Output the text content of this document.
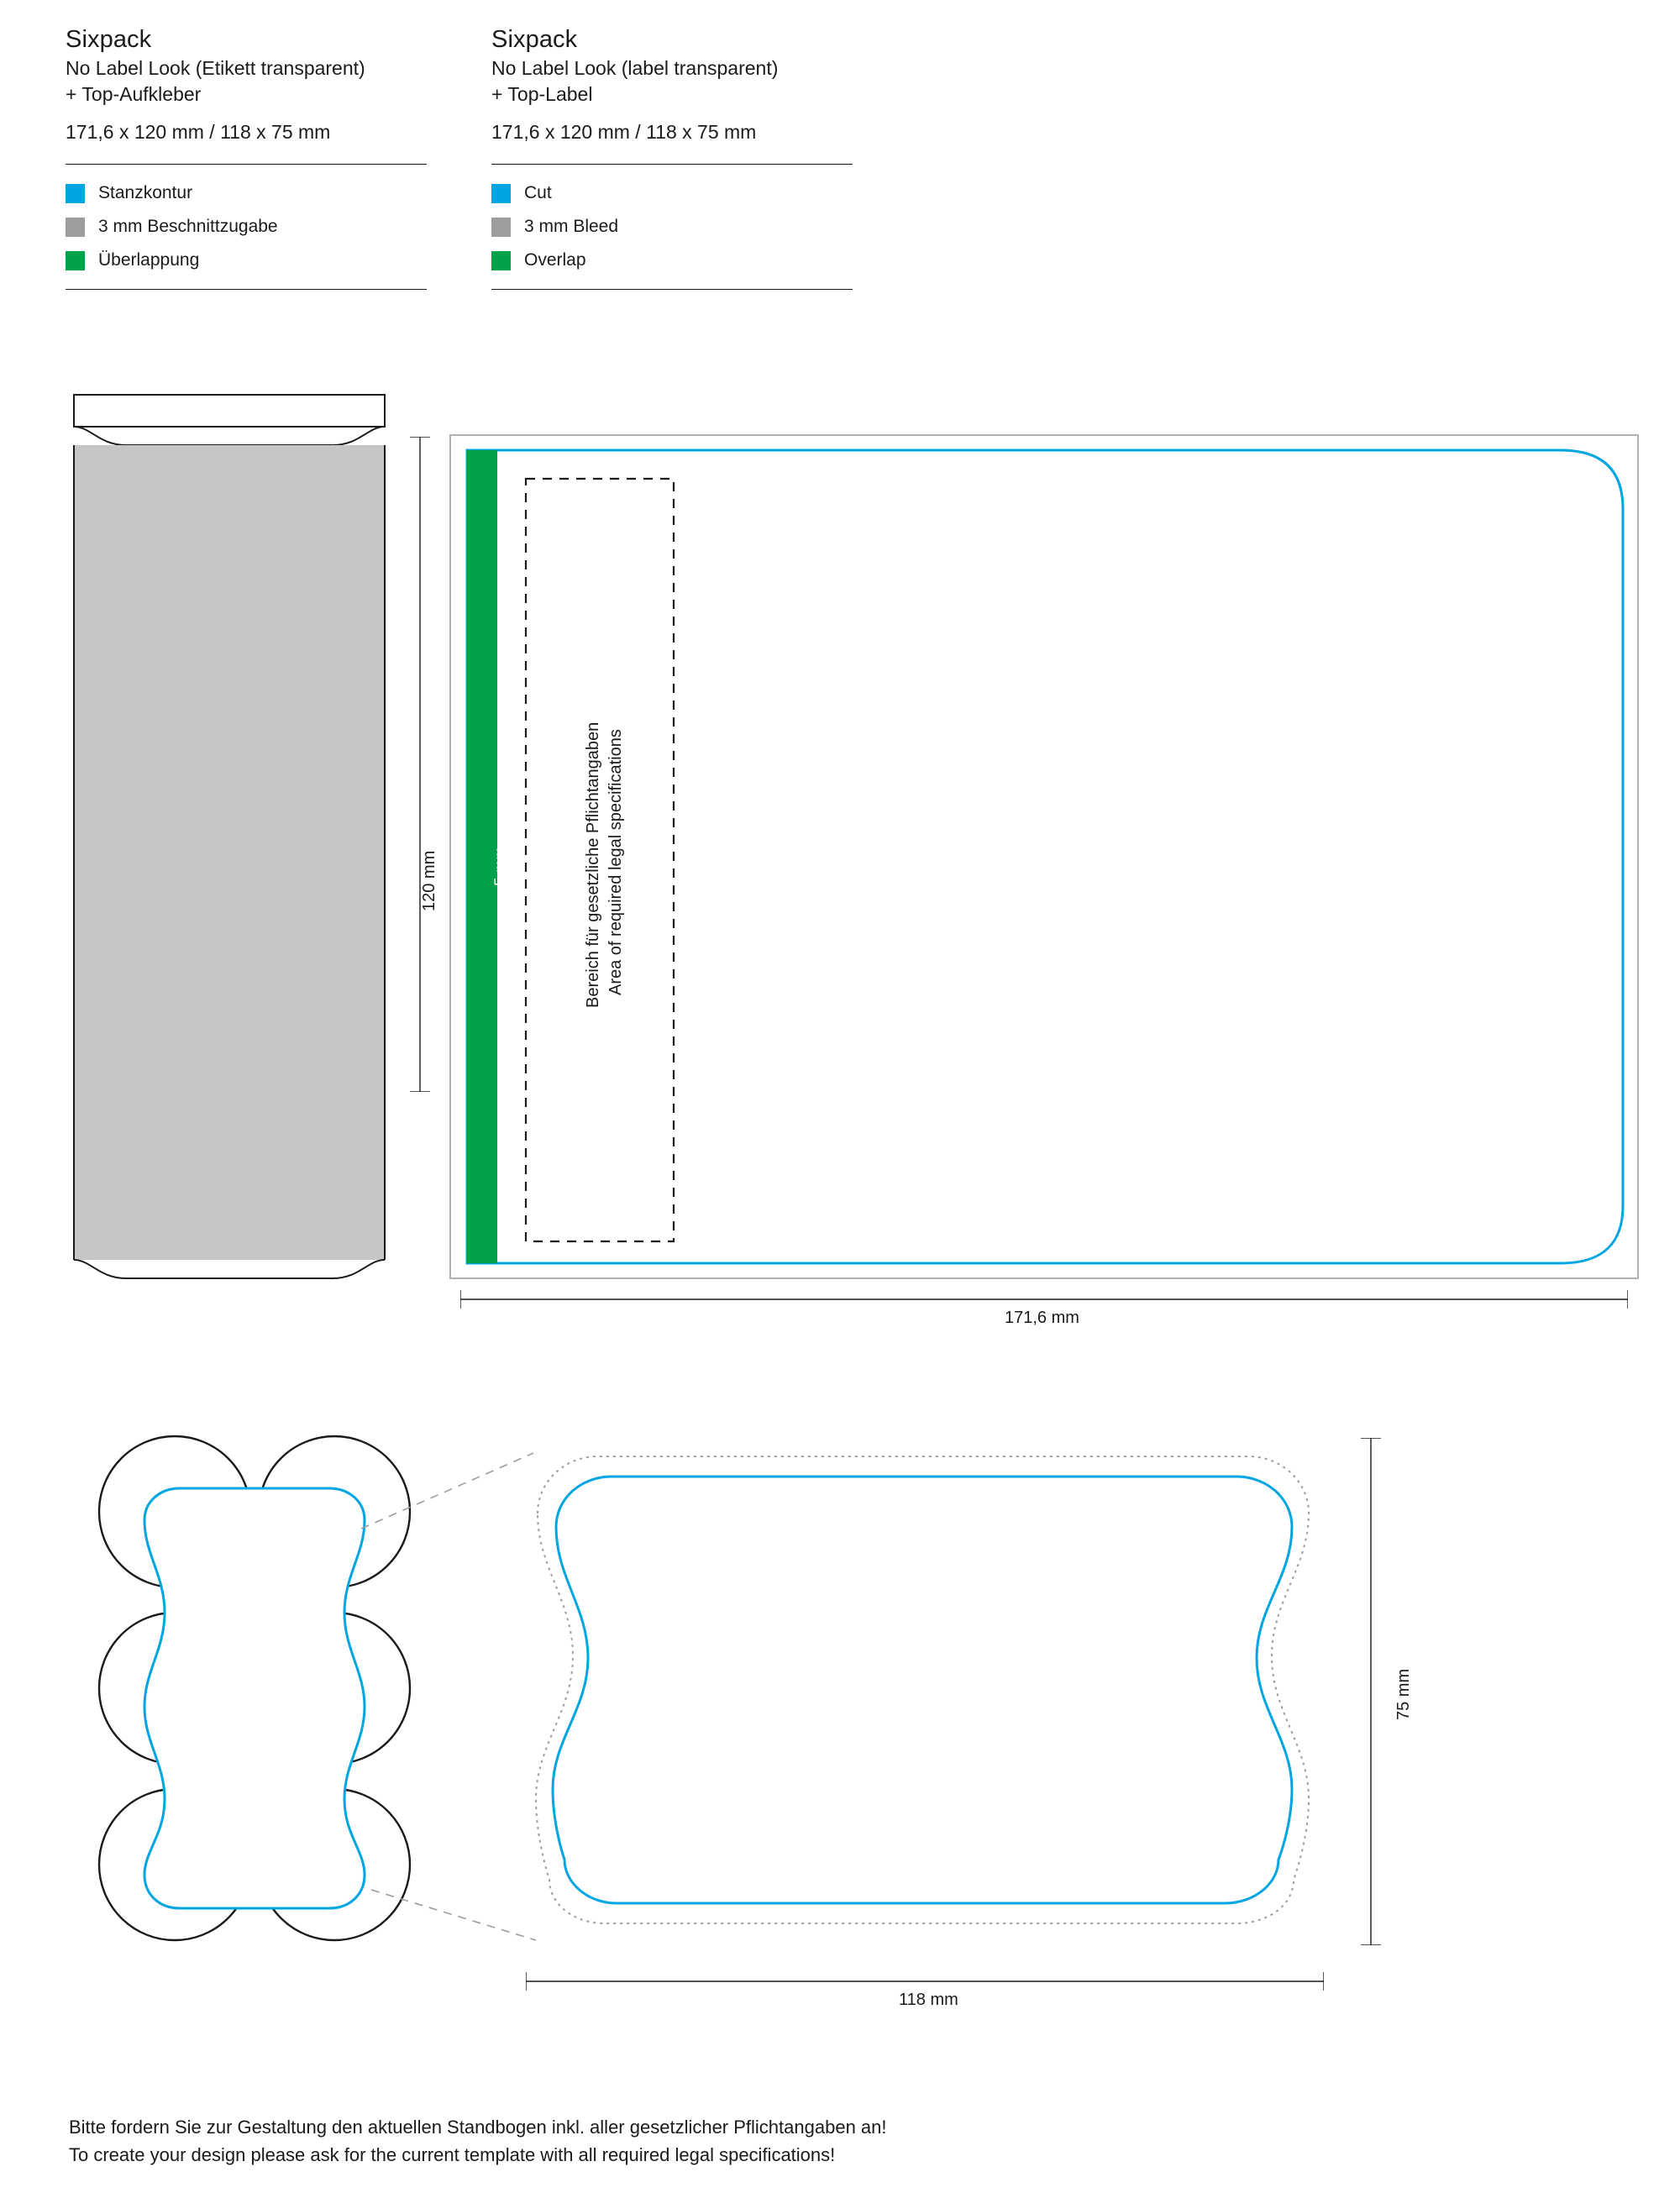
Sixpack
No Label Look (Etikett transparent)
+ Top-Aufkleber
171,6 x 120 mm / 118 x 75 mm
Stanzkontur
3 mm Beschnittzugabe
Überlappung
Sixpack
No Label Look (label transparent)
+ Top-Label
171,6 x 120 mm / 118 x 75 mm
Cut
3 mm Bleed
Overlap
120 mm	5 mm	Bereich für gesetzliche Pflichtangaben Area of required legal specifications
171,6 mm
75 mm
118 mm
Bitte fordern Sie zur Gestaltung den aktuellen Standbogen inkl. aller gesetzlicher Pflichtangaben an!
To create your design please ask for the current template with all required legal specifications!
